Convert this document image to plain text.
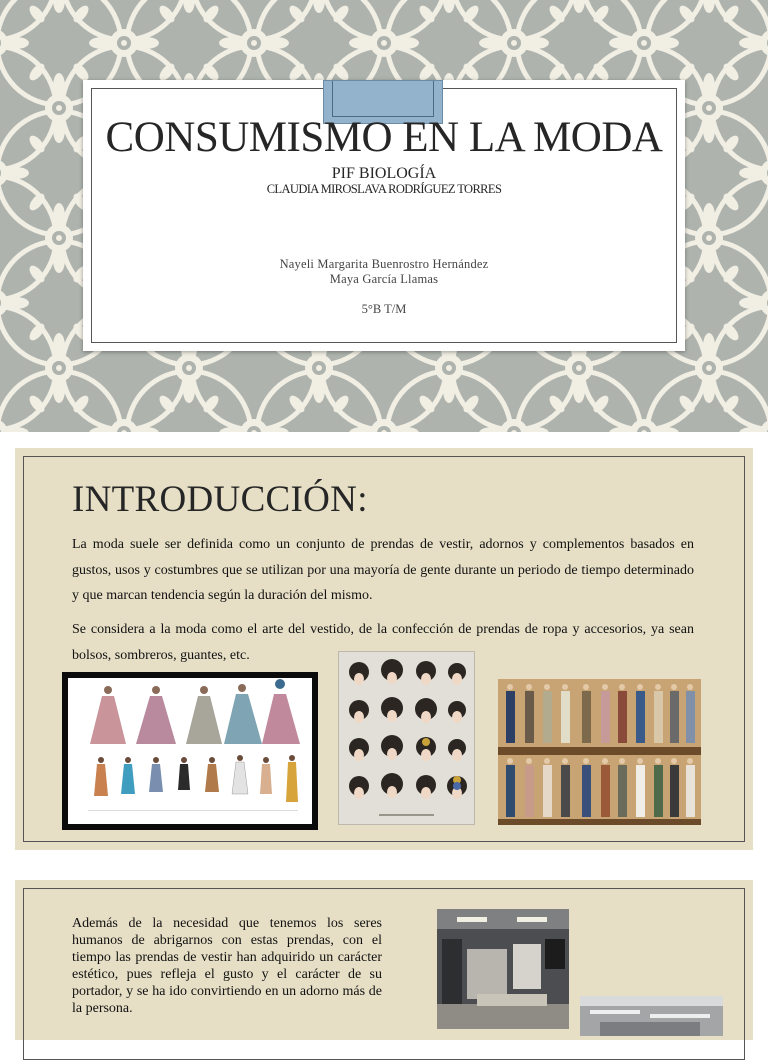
CONSUMISMO EN LA MODA
PIF BIOLOGÍA
CLAUDIA MIROSLAVA RODRÍGUEZ TORRES
Nayeli Margarita Buenrostro Hernández
Maya García Llamas
5°B T/M
INTRODUCCIÓN:
La moda suele ser definida como un conjunto de prendas de vestir, adornos y complementos basados en gustos, usos y costumbres que se utilizan por una mayoría de gente durante un periodo de tiempo determinado y que marcan tendencia según la duración del mismo.
Se considera a la moda como el arte del vestido, de la confección de prendas de ropa y accesorios, ya sean bolsos, sombreros, guantes, etc.
Además de la necesidad que tenemos los seres humanos de abrigarnos con estas prendas, con el tiempo las prendas de vestir han adquirido un carácter estético, pues refleja el gusto y el carácter de su portador, y se ha ido convirtiendo en un adorno más de la persona.
